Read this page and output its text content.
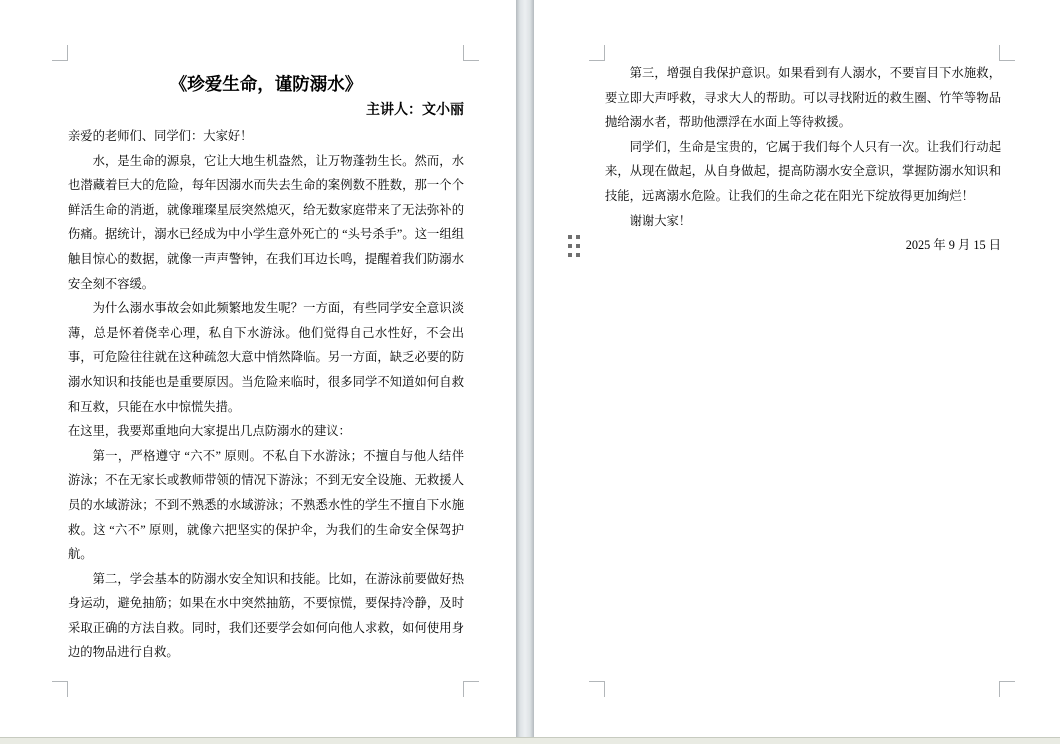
《珍爱生命，谨防溺水》

主讲人：文小丽

亲爱的老师们、同学们：大家好！

水，是生命的源泉，它让大地生机盎然，让万物蓬勃生长。然而，水也潜藏着巨大的危险，每年因溺水而失去生命的案例数不胜数，那一个个鲜活生命的消逝，就像璀璨星辰突然熄灭，给无数家庭带来了无法弥补的伤痛。据统计，溺水已经成为中小学生意外死亡的 “头号杀手”。这一组组触目惊心的数据，就像一声声警钟，在我们耳边长鸣，提醒着我们防溺水安全刻不容缓。

为什么溺水事故会如此频繁地发生呢？一方面，有些同学安全意识淡薄，总是怀着侥幸心理，私自下水游泳。他们觉得自己水性好，不会出事，可危险往往就在这种疏忽大意中悄然降临。另一方面，缺乏必要的防溺水知识和技能也是重要原因。当危险来临时，很多同学不知道如何自救和互救，只能在水中惊慌失措。

在这里，我要郑重地向大家提出几点防溺水的建议：

第一，严格遵守 “六不” 原则。不私自下水游泳；不擅自与他人结伴游泳；不在无家长或教师带领的情况下游泳；不到无安全设施、无救援人员的水域游泳；不到不熟悉的水域游泳；不熟悉水性的学生不擅自下水施救。这 “六不” 原则，就像六把坚实的保护伞，为我们的生命安全保驾护航。

第二，学会基本的防溺水安全知识和技能。比如，在游泳前要做好热身运动，避免抽筋；如果在水中突然抽筋，不要惊慌，要保持冷静，及时采取正确的方法自救。同时，我们还要学会如何向他人求救，如何使用身边的物品进行自救。

第三，增强自我保护意识。如果看到有人溺水，不要盲目下水施救，要立即大声呼救，寻求大人的帮助。可以寻找附近的救生圈、竹竿等物品抛给溺水者，帮助他漂浮在水面上等待救援。

同学们，生命是宝贵的，它属于我们每个人只有一次。让我们行动起来，从现在做起，从自身做起，提高防溺水安全意识，掌握防溺水知识和技能，远离溺水危险。让我们的生命之花在阳光下绽放得更加绚烂！

谢谢大家！

2025 年 9 月 15 日
